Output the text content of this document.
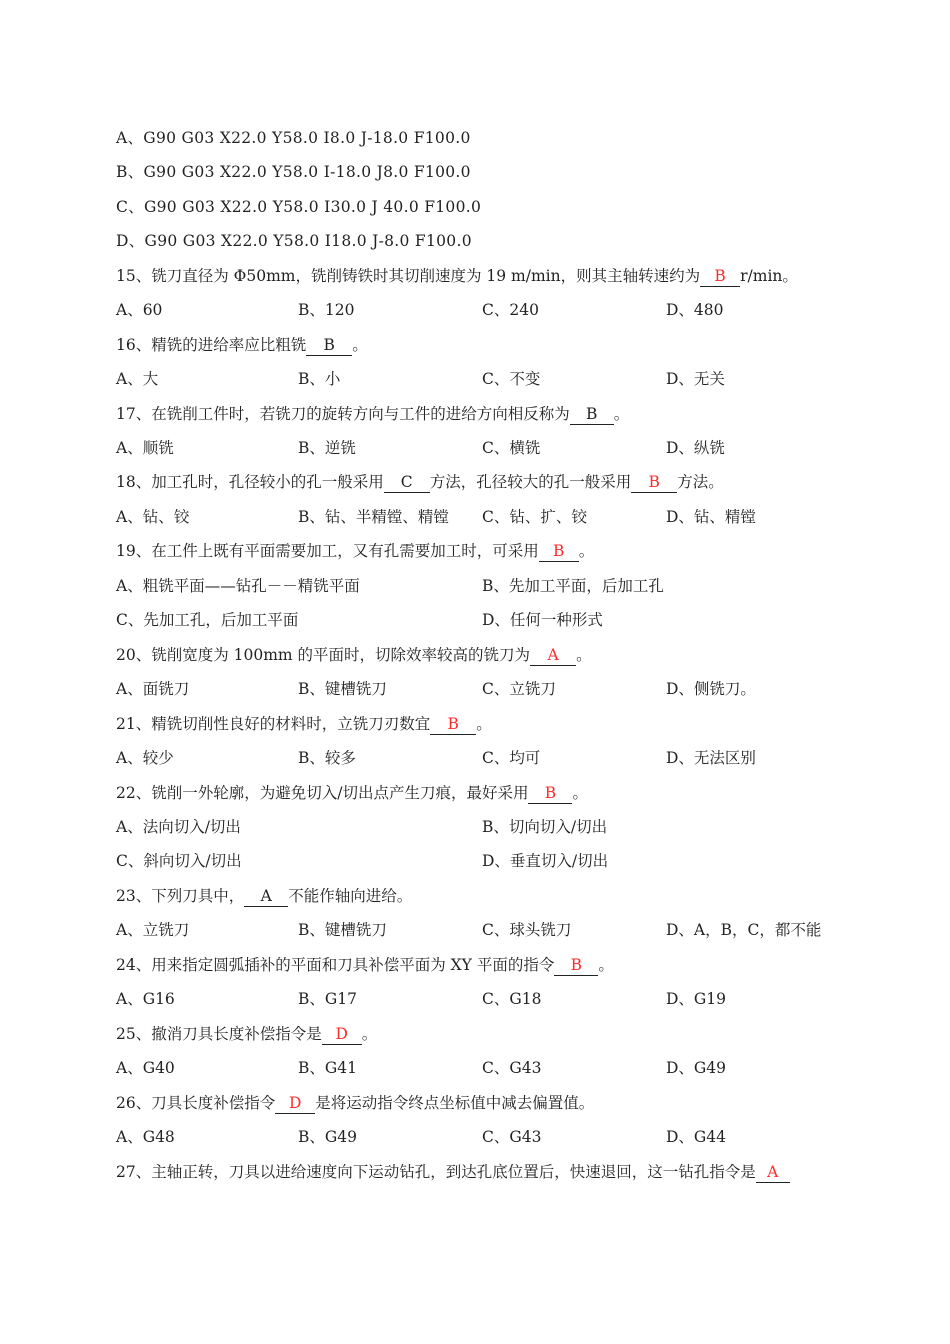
A、G90 G03 X22.0 Y58.0 I8.0 J-18.0 F100.0
B、G90 G03 X22.0 Y58.0 I-18.0 J8.0 F100.0
C、G90 G03 X22.0 Y58.0 I30.0 J 40.0 F100.0
D、G90 G03 X22.0 Y58.0 I18.0 J-8.0 F100.0
15、铣刀直径为 Φ50mm，铣削铸铁时其切削速度为 19 m/min，则其主轴转速约为 B r/min。
A、60	B、120	C、240	D、480
16、精铣的进给率应比粗铣 B 。
A、大	B、小	C、不变	D、无关
17、在铣削工件时，若铣刀的旋转方向与工件的进给方向相反称为 B 。
A、顺铣	B、逆铣	C、横铣	D、纵铣
18、加工孔时，孔径较小的孔一般采用 C 方法，孔径较大的孔一般采用 B 方法。
A、钻、铰	B、钻、半精镗、精镗 C、钻、扩、铰	D、钻、精镗
19、在工件上既有平面需要加工，又有孔需要加工时，可采用 B 。
A、粗铣平面——钻孔－－精铣平面	B、先加工平面，后加工孔
C、先加工孔，后加工平面	D、任何一种形式
20、铣削宽度为 100mm 的平面时，切除效率较高的铣刀为 A 。
A、面铣刀	B、键槽铣刀	C、立铣刀	D、侧铣刀。
21、精铣切削性良好的材料时，立铣刀刃数宜 B 。
A、较少	B、较多	C、均可	D、无法区别
22、铣削一外轮廓，为避免切入/切出点产生刀痕，最好采用 B 。
A、法向切入/切出	B、切向切入/切出
C、斜向切入/切出	D、垂直切入/切出
23、下列刀具中， A 不能作轴向进给。
A、立铣刀	B、键槽铣刀	C、球头铣刀	D、A，B，C，都不能
24、用来指定圆弧插补的平面和刀具补偿平面为 XY 平面的指令 B 。
A、G16	B、G17	C、G18	D、G19
25、撤消刀具长度补偿指令是 D 。
A、G40	B、G41	C、G43	D、G49
26、刀具长度补偿指令 D 是将运动指令终点坐标值中减去偏置值。
A、G48	B、G49	C、G43	D、G44
27、主轴正转，刀具以进给速度向下运动钻孔，到达孔底位置后，快速退回，这一钻孔指令是 A
